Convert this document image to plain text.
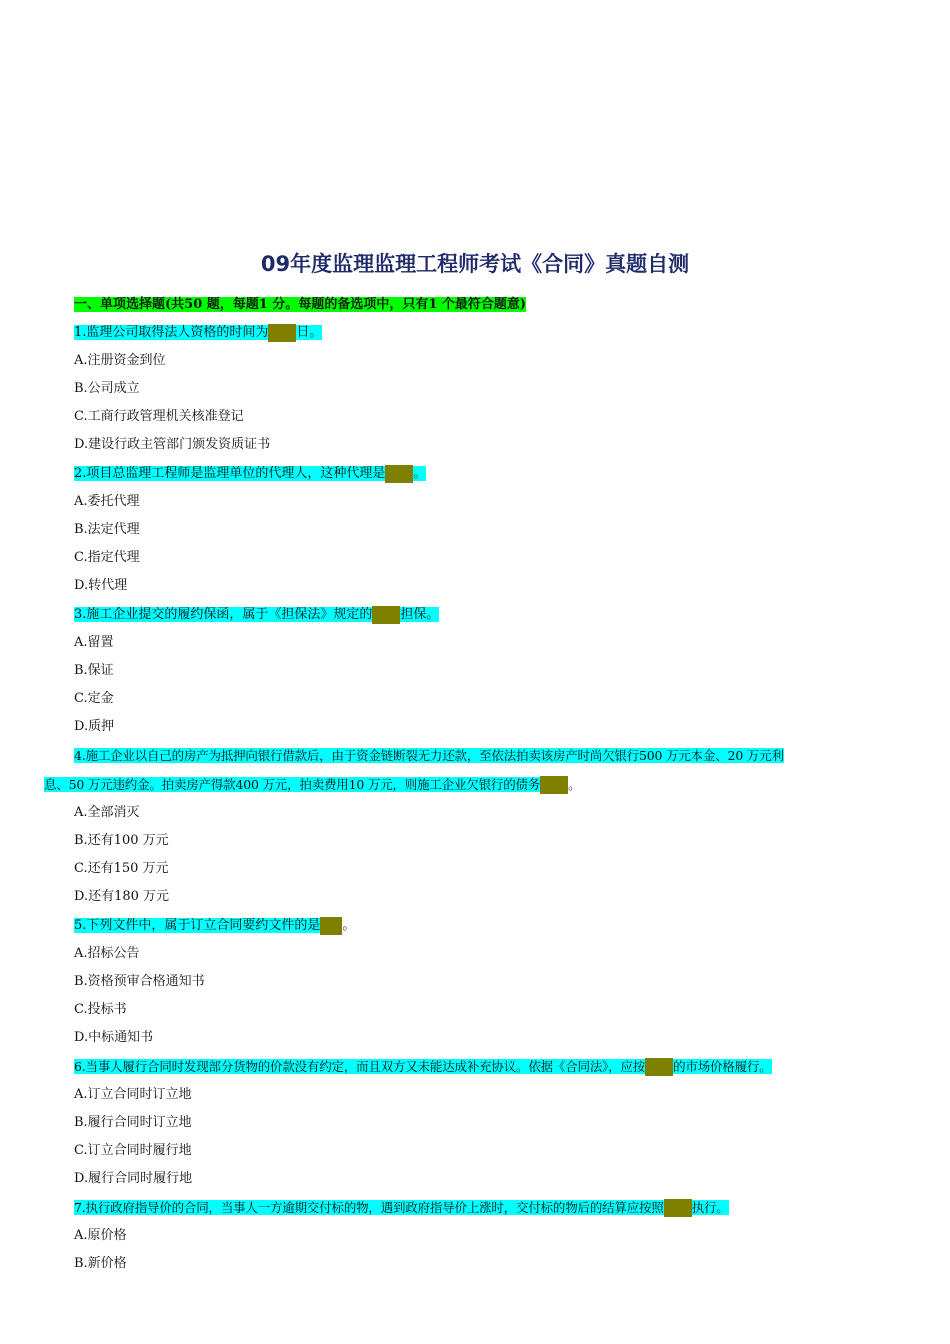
09年度监理监理工程师考试《合同》真题自测
一、单项选择题(共50 题，每题1 分。每题的备选项中，只有1 个最符合题意)
1.监理公司取得法人资格的时间为 日。
A.注册资金到位
B.公司成立
C.工商行政管理机关核准登记
D.建设行政主管部门颁发资质证书
2.项目总监理工程师是监理单位的代理人，这种代理是 。
A.委托代理
B.法定代理
C.指定代理
D.转代理
3.施工企业提交的履约保函，属于《担保法》规定的 担保。
A.留置
B.保证
C.定金
D.质押
4.施工企业以自己的房产为抵押向银行借款后，由于资金链断裂无力还款，至依法拍卖该房产时尚欠银行500 万元本金、20 万元利
息、50 万元违约金。拍卖房产得款400 万元，拍卖费用10 万元，则施工企业欠银行的债务 。
A.全部消灭
B.还有100 万元
C.还有150 万元
D.还有180 万元
5.下列文件中，属于订立合同要约文件的是 。
A.招标公告
B.资格预审合格通知书
C.投标书
D.中标通知书
6.当事人履行合同时发现部分货物的价款没有约定，而且双方又未能达成补充协议。依据《合同法》，应按 的市场价格履行。
A.订立合同时订立地
B.履行合同时订立地
C.订立合同时履行地
D.履行合同时履行地
7.执行政府指导价的合同，当事人一方逾期交付标的物，遇到政府指导价上涨时，交付标的物后的结算应按照 执行。
A.原价格
B.新价格
